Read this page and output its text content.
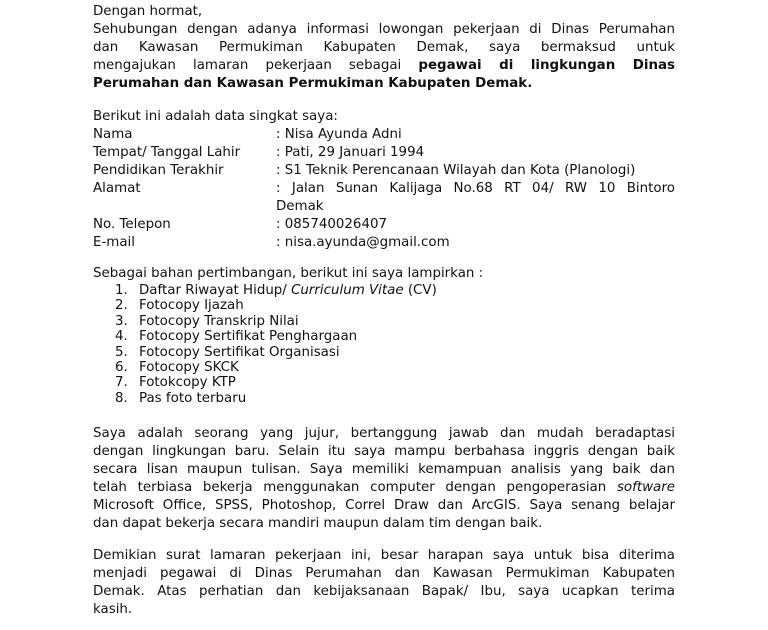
Dengan hormat,
Sehubungan dengan adanya informasi lowongan pekerjaan di Dinas Perumahan
dan Kawasan Permukiman Kabupaten Demak, saya bermaksud untuk
mengajukan lamaran pekerjaan sebagai pegawai di lingkungan Dinas
Perumahan dan Kawasan Permukiman Kabupaten Demak.
Berikut ini adalah data singkat saya:
Nama	: Nisa Ayunda Adni
Tempat/ Tanggal Lahir	: Pati, 29 Januari 1994
Pendidikan Terakhir	: S1 Teknik Perencanaan Wilayah dan Kota (Planologi)
Alamat	: Jalan Sunan Kalijaga No.68 RT 04/ RW 10 Bintoro
Demak
No. Telepon	: 085740026407
E-mail	: nisa.ayunda@gmail.com
Sebagai bahan pertimbangan, berikut ini saya lampirkan :
1. Daftar Riwayat Hidup/ Curriculum Vitae (CV)
2. Fotocopy Ijazah
3. Fotocopy Transkrip Nilai
4. Fotocopy Sertifikat Penghargaan
5. Fotocopy Sertifikat Organisasi
6. Fotocopy SKCK
7. Fotokcopy KTP
8. Pas foto terbaru
Saya adalah seorang yang jujur, bertanggung jawab dan mudah beradaptasi
dengan lingkungan baru. Selain itu saya mampu berbahasa inggris dengan baik
secara lisan maupun tulisan. Saya memiliki kemampuan analisis yang baik dan
telah terbiasa bekerja menggunakan computer dengan pengoperasian software
Microsoft Office, SPSS, Photoshop, Correl Draw dan ArcGIS. Saya senang belajar
dan dapat bekerja secara mandiri maupun dalam tim dengan baik.
Demikian surat lamaran pekerjaan ini, besar harapan saya untuk bisa diterima
menjadi pegawai di Dinas Perumahan dan Kawasan Permukiman Kabupaten
Demak. Atas perhatian dan kebijaksanaan Bapak/ Ibu, saya ucapkan terima
kasih.
